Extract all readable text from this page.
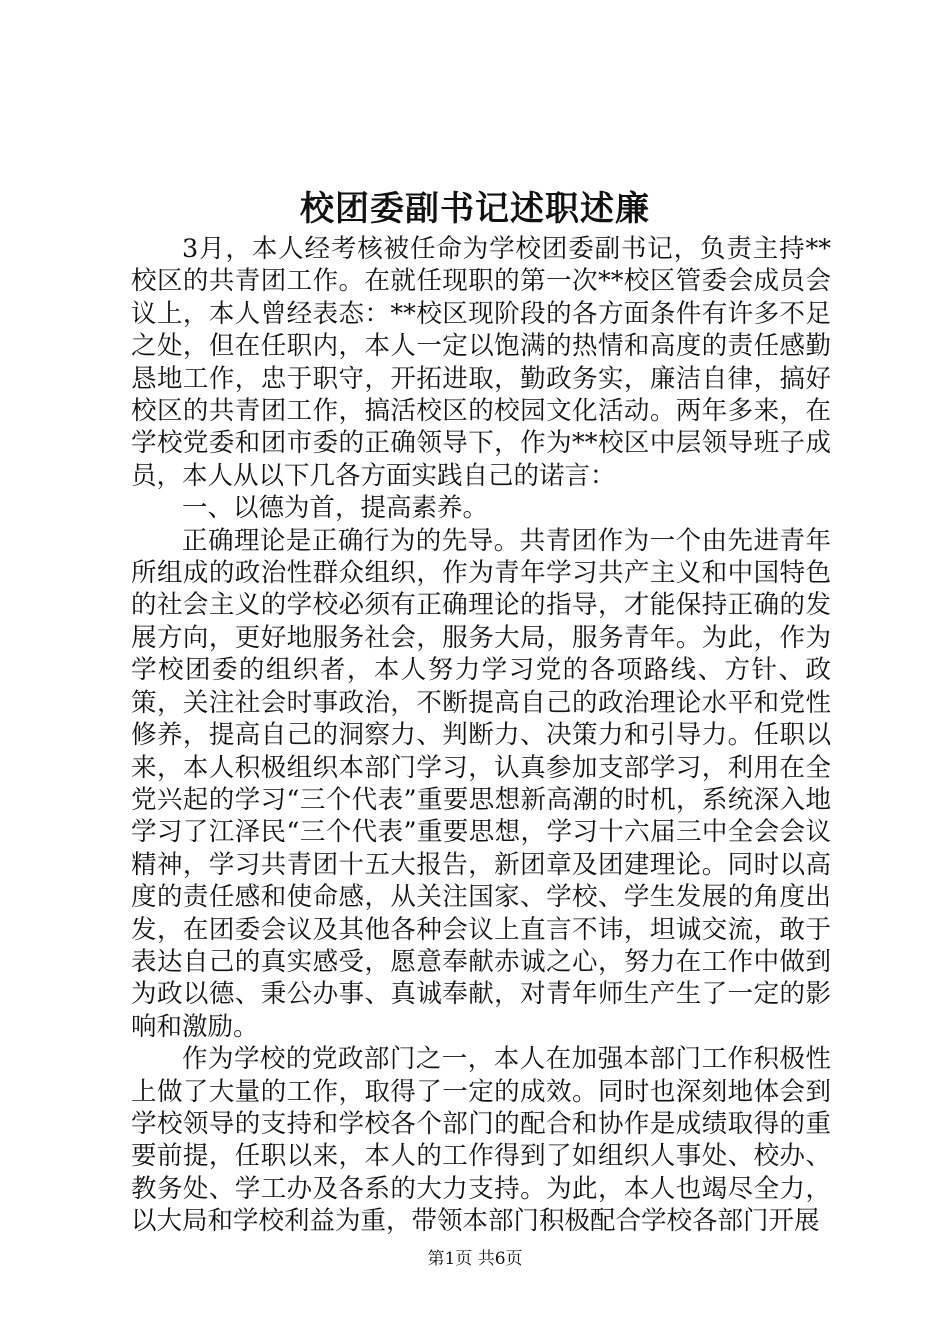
校团委副书记述职述廉

3月，本人经考核被任命为学校团委副书记，负责主持**校区的共青团工作。在就任现职的第一次**校区管委会成员会议上，本人曾经表态：**校区现阶段的各方面条件有许多不足之处，但在任职内，本人一定以饱满的热情和高度的责任感勤恳地工作，忠于职守，开拓进取，勤政务实，廉洁自律，搞好校区的共青团工作，搞活校区的校园文化活动。两年多来，在学校党委和团市委的正确领导下，作为**校区中层领导班子成员，本人从以下几各方面实践自己的诺言：

一、以德为首，提高素养。

正确理论是正确行为的先导。共青团作为一个由先进青年所组成的政治性群众组织，作为青年学习共产主义和中国特色的社会主义的学校必须有正确理论的指导，才能保持正确的发展方向，更好地服务社会，服务大局，服务青年。为此，作为学校团委的组织者，本人努力学习党的各项路线、方针、政策，关注社会时事政治，不断提高自己的政治理论水平和党性修养，提高自己的洞察力、判断力、决策力和引导力。任职以来，本人积极组织本部门学习，认真参加支部学习，利用在全党兴起的学习“三个代表”重要思想新高潮的时机，系统深入地学习了江泽民“三个代表”重要思想，学习十六届三中全会会议精神，学习共青团十五大报告，新团章及团建理论。同时以高度的责任感和使命感，从关注国家、学校、学生发展的角度出发，在团委会议及其他各种会议上直言不讳，坦诚交流，敢于表达自己的真实感受，愿意奉献赤诚之心，努力在工作中做到为政以德、秉公办事、真诚奉献，对青年师生产生了一定的影响和激励。

作为学校的党政部门之一，本人在加强本部门工作积极性上做了大量的工作，取得了一定的成效。同时也深刻地体会到学校领导的支持和学校各个部门的配合和协作是成绩取得的重要前提，任职以来，本人的工作得到了如组织人事处、校办、教务处、学工办及各系的大力支持。为此，本人也竭尽全力，以大局和学校利益为重，带领本部门积极配合学校各部门开展

第1页 共6页
